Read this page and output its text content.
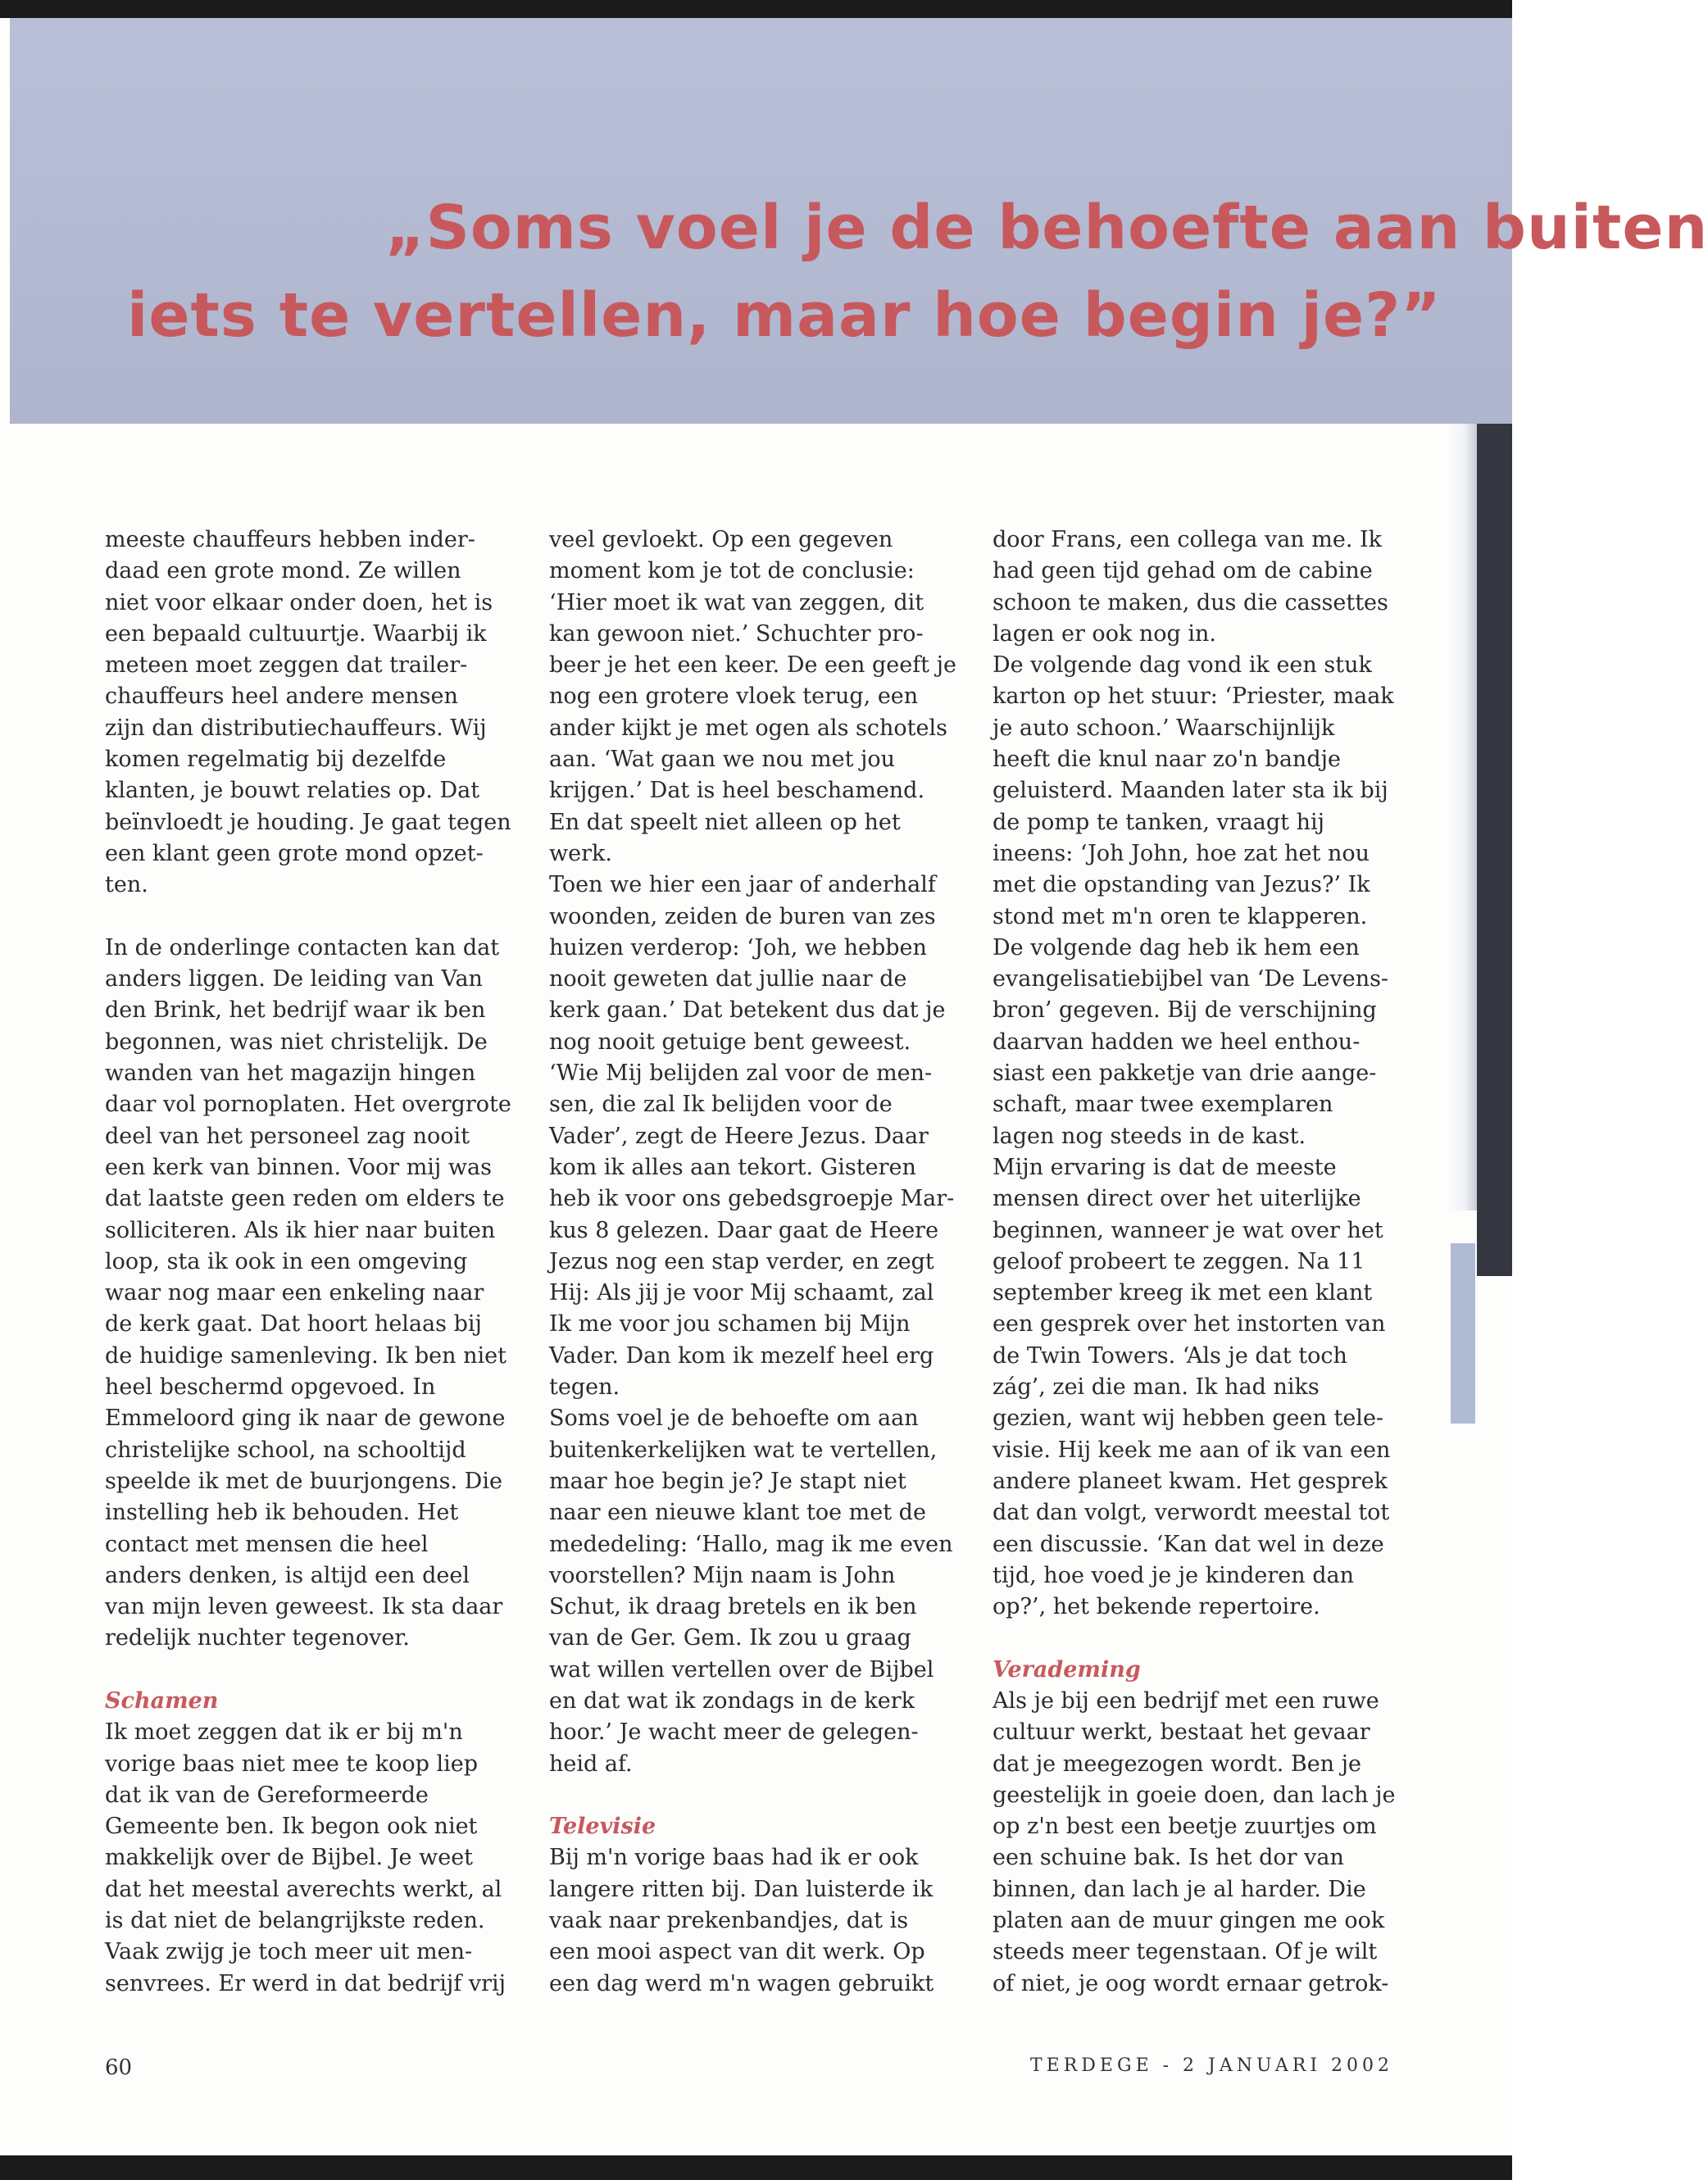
„Soms voel je de behoefte aan buiten
iets te vertellen, maar hoe begin je?”

meeste chauffeurs hebben inder-

daad een grote mond. Ze willen

niet voor elkaar onder doen, het is

een bepaald cultuurtje. Waarbij ik

meteen moet zeggen dat trailer-

chauffeurs heel andere mensen

zijn dan distributiechauffeurs. Wij

komen regelmatig bij dezelfde

klanten, je bouwt relaties op. Dat

beïnvloedt je houding. Je gaat tegen

een klant geen grote mond opzet-

ten.

In de onderlinge contacten kan dat

anders liggen. De leiding van Van

den Brink, het bedrijf waar ik ben

begonnen, was niet christelijk. De

wanden van het magazijn hingen

daar vol pornoplaten. Het overgrote

deel van het personeel zag nooit

een kerk van binnen. Voor mij was

dat laatste geen reden om elders te

solliciteren. Als ik hier naar buiten

loop, sta ik ook in een omgeving

waar nog maar een enkeling naar

de kerk gaat. Dat hoort helaas bij

de huidige samenleving. Ik ben niet

heel beschermd opgevoed. In

Emmeloord ging ik naar de gewone

christelijke school, na schooltijd

speelde ik met de buurjongens. Die

instelling heb ik behouden. Het

contact met mensen die heel

anders denken, is altijd een deel

van mijn leven geweest. Ik sta daar

redelijk nuchter tegenover.

Schamen

Ik moet zeggen dat ik er bij m'n

vorige baas niet mee te koop liep

dat ik van de Gereformeerde

Gemeente ben. Ik begon ook niet

makkelijk over de Bijbel. Je weet

dat het meestal averechts werkt, al

is dat niet de belangrijkste reden.

Vaak zwijg je toch meer uit men-

senvrees. Er werd in dat bedrijf vrij

veel gevloekt. Op een gegeven

moment kom je tot de conclusie:

‘Hier moet ik wat van zeggen, dit

kan gewoon niet.’ Schuchter pro-

beer je het een keer. De een geeft je

nog een grotere vloek terug, een

ander kijkt je met ogen als schotels

aan. ‘Wat gaan we nou met jou

krijgen.’ Dat is heel beschamend.

En dat speelt niet alleen op het

werk.

Toen we hier een jaar of anderhalf

woonden, zeiden de buren van zes

huizen verderop: ‘Joh, we hebben

nooit geweten dat jullie naar de

kerk gaan.’ Dat betekent dus dat je

nog nooit getuige bent geweest.

‘Wie Mij belijden zal voor de men-

sen, die zal Ik belijden voor de

Vader’, zegt de Heere Jezus. Daar

kom ik alles aan tekort. Gisteren

heb ik voor ons gebedsgroepje Mar-

kus 8 gelezen. Daar gaat de Heere

Jezus nog een stap verder, en zegt

Hij: Als jij je voor Mij schaamt, zal

Ik me voor jou schamen bij Mijn

Vader. Dan kom ik mezelf heel erg

tegen.

Soms voel je de behoefte om aan

buitenkerkelijken wat te vertellen,

maar hoe begin je? Je stapt niet

naar een nieuwe klant toe met de

mededeling: ‘Hallo, mag ik me even

voorstellen? Mijn naam is John

Schut, ik draag bretels en ik ben

van de Ger. Gem. Ik zou u graag

wat willen vertellen over de Bijbel

en dat wat ik zondags in de kerk

hoor.’ Je wacht meer de gelegen-

heid af.

Televisie

Bij m'n vorige baas had ik er ook

langere ritten bij. Dan luisterde ik

vaak naar prekenbandjes, dat is

een mooi aspect van dit werk. Op

een dag werd m'n wagen gebruikt

door Frans, een collega van me. Ik

had geen tijd gehad om de cabine

schoon te maken, dus die cassettes

lagen er ook nog in.

De volgende dag vond ik een stuk

karton op het stuur: ‘Priester, maak

je auto schoon.’ Waarschijnlijk

heeft die knul naar zo'n bandje

geluisterd. Maanden later sta ik bij

de pomp te tanken, vraagt hij

ineens: ‘Joh John, hoe zat het nou

met die opstanding van Jezus?’ Ik

stond met m'n oren te klapperen.

De volgende dag heb ik hem een

evangelisatiebijbel van ‘De Levens-

bron’ gegeven. Bij de verschijning

daarvan hadden we heel enthou-

siast een pakketje van drie aange-

schaft, maar twee exemplaren

lagen nog steeds in de kast.

Mijn ervaring is dat de meeste

mensen direct over het uiterlijke

beginnen, wanneer je wat over het

geloof probeert te zeggen. Na 11

september kreeg ik met een klant

een gesprek over het instorten van

de Twin Towers. ‘Als je dat toch

zág’, zei die man. Ik had niks

gezien, want wij hebben geen tele-

visie. Hij keek me aan of ik van een

andere planeet kwam. Het gesprek

dat dan volgt, verwordt meestal tot

een discussie. ‘Kan dat wel in deze

tijd, hoe voed je je kinderen dan

op?’, het bekende repertoire.

Verademing

Als je bij een bedrijf met een ruwe

cultuur werkt, bestaat het gevaar

dat je meegezogen wordt. Ben je

geestelijk in goeie doen, dan lach je

op z'n best een beetje zuurtjes om

een schuine bak. Is het dor van

binnen, dan lach je al harder. Die

platen aan de muur gingen me ook

steeds meer tegenstaan. Of je wilt

of niet, je oog wordt ernaar getrok-

60	TERDEGE - 2 JANUARI 2002
